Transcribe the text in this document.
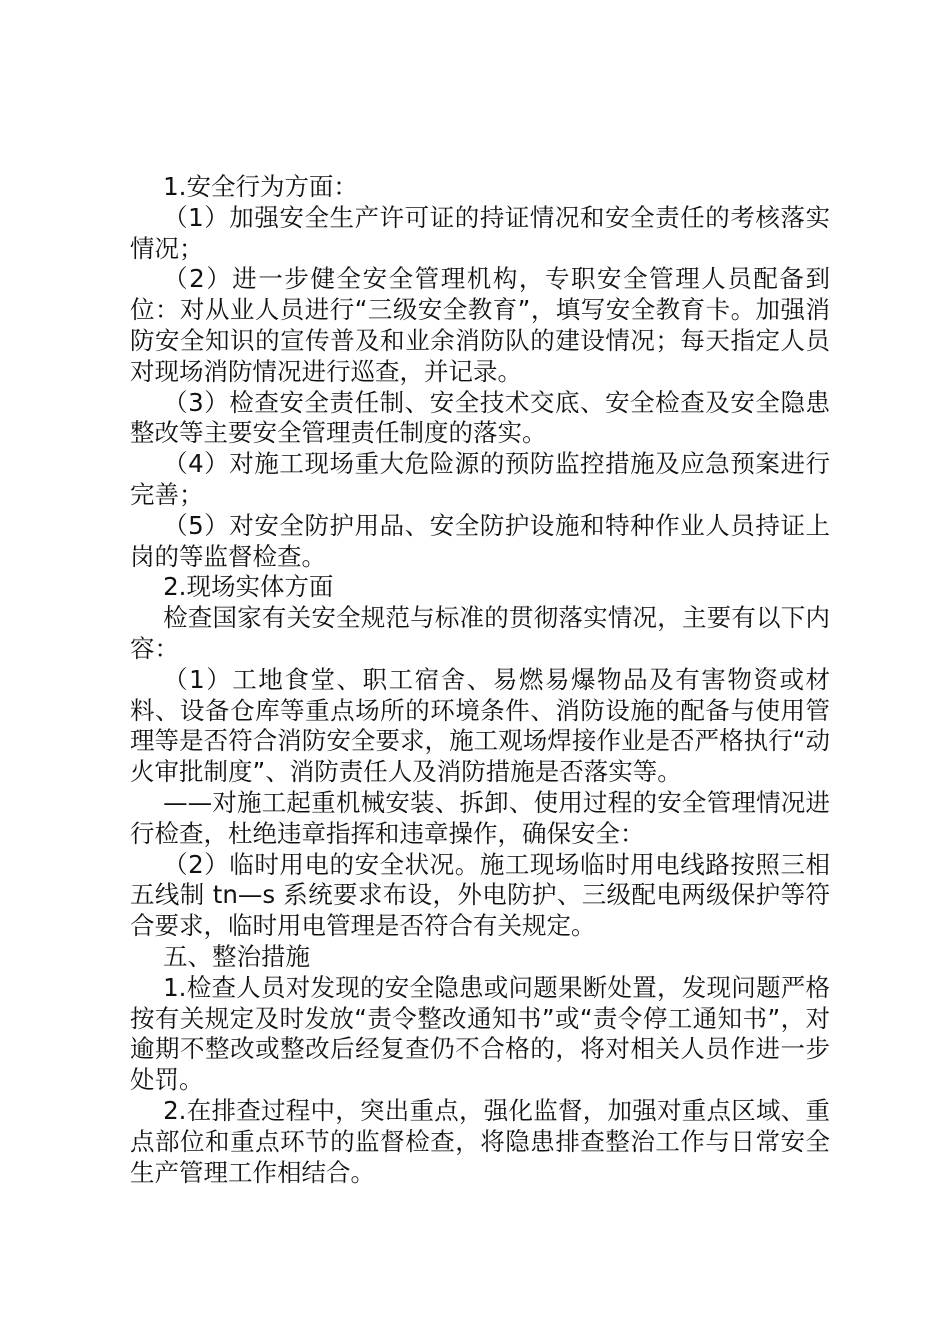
1.安全行为方面：

（1）加强安全生产许可证的持证情况和安全责任的考核落实情况；

（2）进一步健全安全管理机构，专职安全管理人员配备到位：对从业人员进行“三级安全教育”，填写安全教育卡。加强消防安全知识的宣传普及和业余消防队的建设情况；每天指定人员对现场消防情况进行巡查，并记录。

（3）检查安全责任制、安全技术交底、安全检查及安全隐患整改等主要安全管理责任制度的落实。

（4）对施工现场重大危险源的预防监控措施及应急预案进行完善；

（5）对安全防护用品、安全防护设施和特种作业人员持证上岗的等监督检查。

2.现场实体方面

检查国家有关安全规范与标准的贯彻落实情况，主要有以下内容：

（1）工地食堂、职工宿舍、易燃易爆物品及有害物资或材料、设备仓库等重点场所的环境条件、消防设施的配备与使用管理等是否符合消防安全要求，施工观场焊接作业是否严格执行“动火审批制度”、消防责任人及消防措施是否落实等。

——对施工起重机械安装、拆卸、使用过程的安全管理情况进行检查，杜绝违章指挥和违章操作，确保安全：

（2）临时用电的安全状况。施工现场临时用电线路按照三相五线制 tn—s 系统要求布设，外电防护、三级配电两级保护等符合要求，临时用电管理是否符合有关规定。

五、整治措施

1.检查人员对发现的安全隐患或问题果断处置，发现问题严格按有关规定及时发放“责令整改通知书”或“责令停工通知书”，对逾期不整改或整改后经复查仍不合格的，将对相关人员作进一步处罚。

2.在排查过程中，突出重点，强化监督，加强对重点区域、重点部位和重点环节的监督检查，将隐患排查整治工作与日常安全生产管理工作相结合。
